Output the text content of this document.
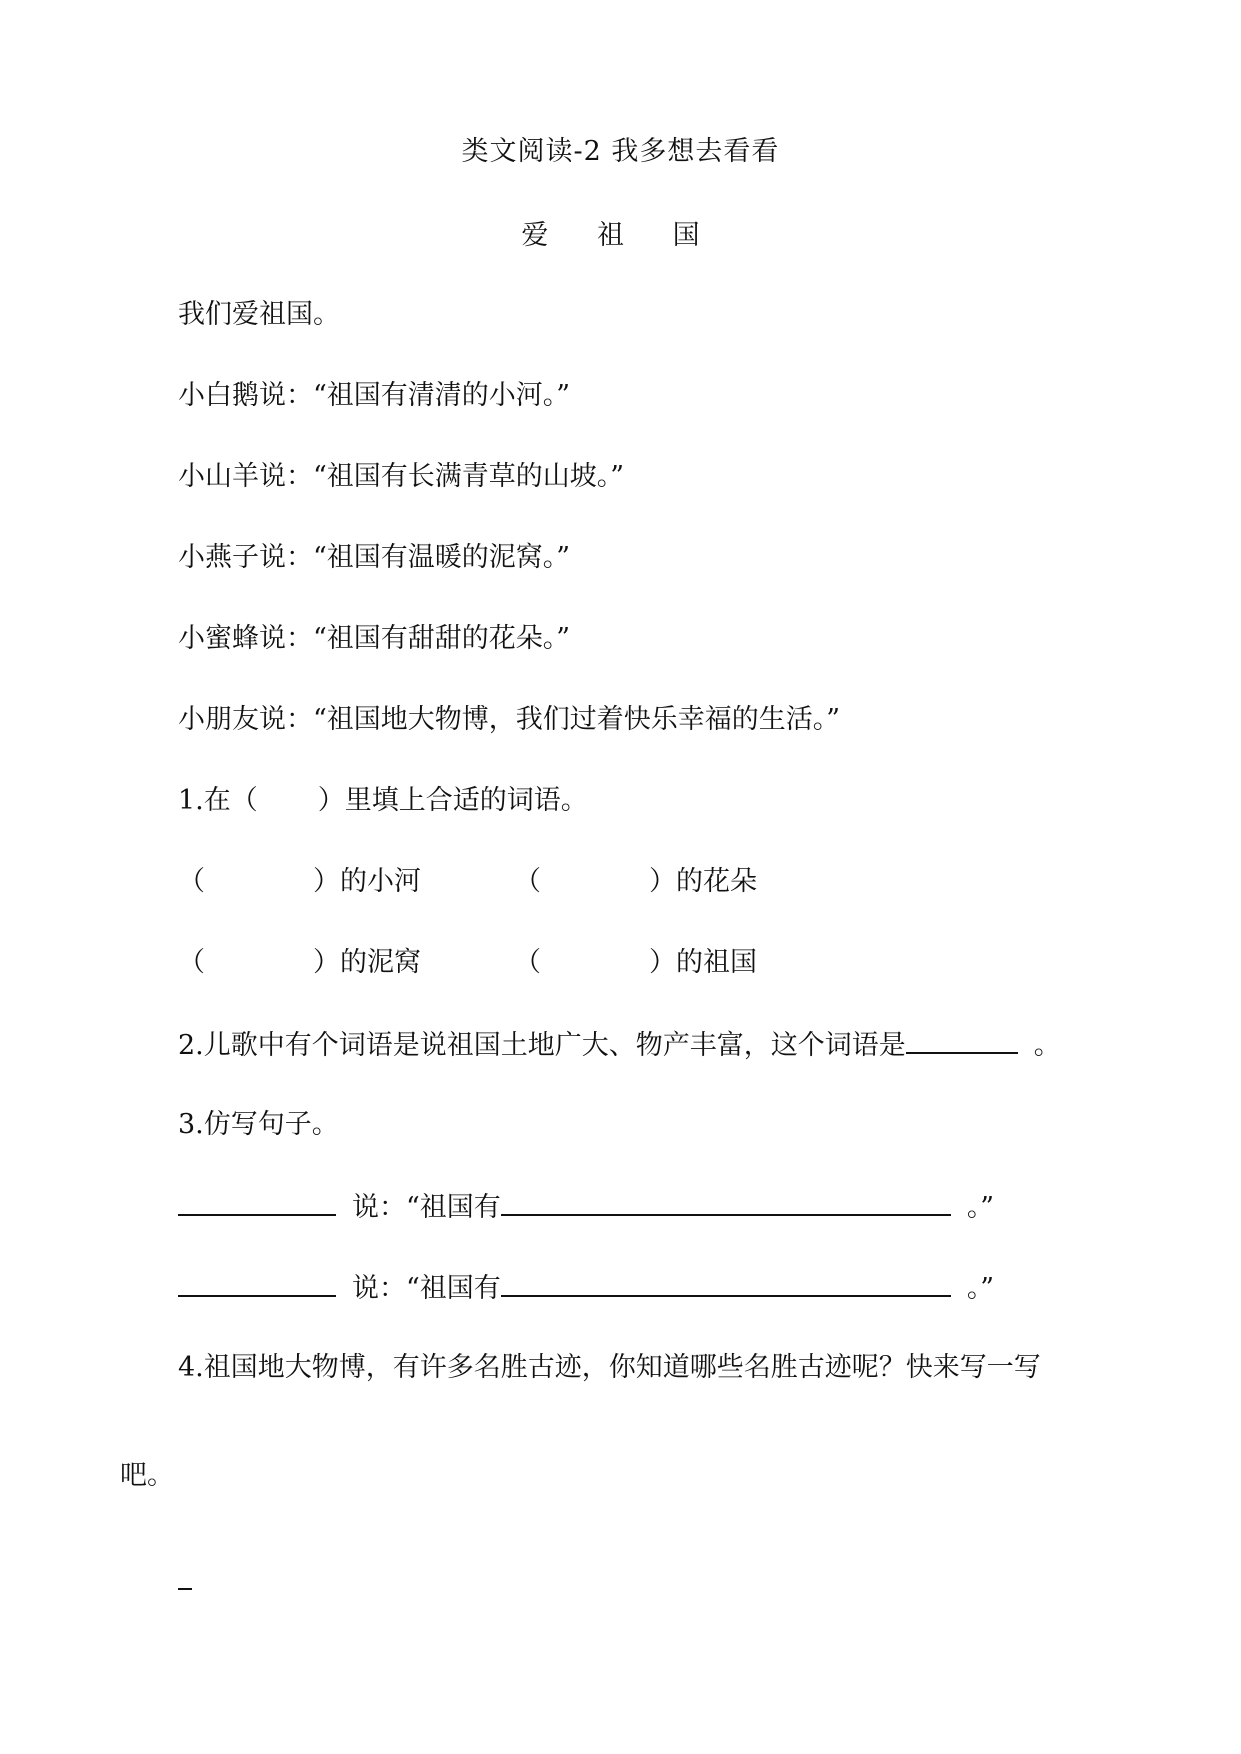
类文阅读-2 我多想去看看
爱 祖 国
我们爱祖国。
小白鹅说：“祖国有清清的小河。”
小山羊说：“祖国有长满青草的山坡。”
小燕子说：“祖国有温暖的泥窝。”
小蜜蜂说：“祖国有甜甜的花朵。”
小朋友说：“祖国地大物博，我们过着快乐幸福的生活。”
1.在（ ）里填上合适的词语。
（	）的小河	（	）的花朵
（	）的泥窝	（	）的祖国
2.儿歌中有个词语是说祖国土地广大、物产丰富，这个词语是	。
3.仿写句子。
说：“祖国有	。”
说：“祖国有	。”
4.祖国地大物博，有许多名胜古迹，你知道哪些名胜古迹呢？快来写一写
吧。
